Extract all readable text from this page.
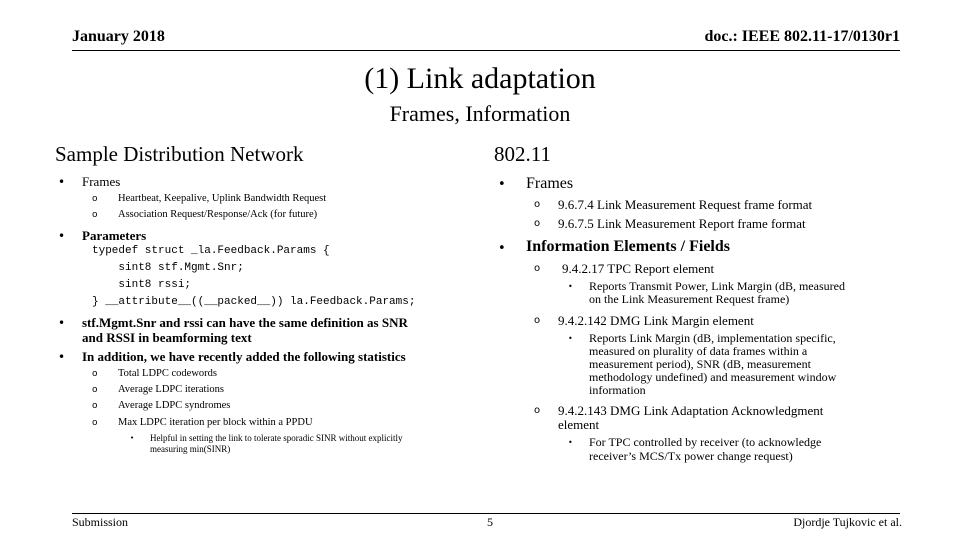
January 2018	doc.: IEEE 802.11-17/0130r1
(1) Link adaptation
Frames, Information
Sample Distribution Network
• Frames
o Heartbeat, Keepalive, Uplink Bandwidth Request
o Association Request/Response/Ack (for future)
• Parameters
typedef struct _la.Feedback.Params {
sint8 stf.Mgmt.Snr;
sint8 rssi;
} __attribute__((__packed__)) la.Feedback.Params;
• stf.Mgmt.Snr and rssi can have the same definition as SNR
and RSSI in beamforming text
• In addition, we have recently added the following statistics
o Total LDPC codewords
o Average LDPC iterations
o Average LDPC syndromes
o Max LDPC iteration per block within a PPDU
• Helpful in setting the link to tolerate sporadic SINR without explicitly
measuring min(SINR)
802.11
• Frames
o 9.6.7.4 Link Measurement Request frame format
o 9.6.7.5 Link Measurement Report frame format
• Information Elements / Fields
o 9.4.2.17 TPC Report element
• Reports Transmit Power, Link Margin (dB, measured
on the Link Measurement Request frame)
o 9.4.2.142 DMG Link Margin element
• Reports Link Margin (dB, implementation specific,
measured on plurality of data frames within a
measurement period), SNR (dB, measurement
methodology undefined) and measurement window
information
o 9.4.2.143 DMG Link Adaptation Acknowledgment
element
• For TPC controlled by receiver (to acknowledge
receiver’s MCS/Tx power change request)
Submission	5	Djordje Tujkovic et al.
